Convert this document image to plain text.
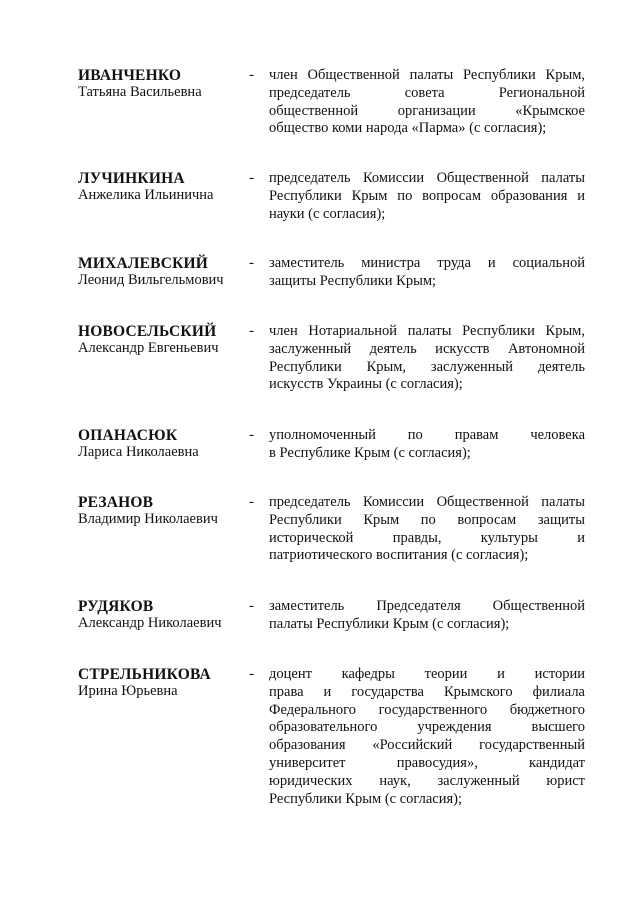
ИВАНЧЕНКО
Татьяна Васильевна
- член Общественной палаты Республики Крым,
председатель совета Региональной
общественной организации «Крымское
общество коми народа «Парма» (с согласия);
ЛУЧИНКИНА
Анжелика Ильинична
- председатель Комиссии Общественной палаты
Республики Крым по вопросам образования и
науки (с согласия);
МИХАЛЕВСКИЙ
Леонид Вильгельмович
- заместитель министра труда и социальной
защиты Республики Крым;
НОВОСЕЛЬСКИЙ
Александр Евгеньевич
- член Нотариальной палаты Республики Крым,
заслуженный деятель искусств Автономной
Республики Крым, заслуженный деятель
искусств Украины (с согласия);
ОПАНАСЮК
Лариса Николаевна
- уполномоченный по правам человека
в Республике Крым (с согласия);
РЕЗАНОВ
Владимир Николаевич
- председатель Комиссии Общественной палаты
Республики Крым по вопросам защиты
исторической правды, культуры и
патриотического воспитания (с согласия);
РУДЯКОВ
Александр Николаевич
- заместитель Председателя Общественной
палаты Республики Крым (с согласия);
СТРЕЛЬНИКОВА
Ирина Юрьевна
- доцент кафедры теории и истории
права и государства Крымского филиала
Федерального государственного бюджетного
образовательного учреждения высшего
образования «Российский государственный
университет правосудия», кандидат
юридических наук, заслуженный юрист
Республики Крым (с согласия);
